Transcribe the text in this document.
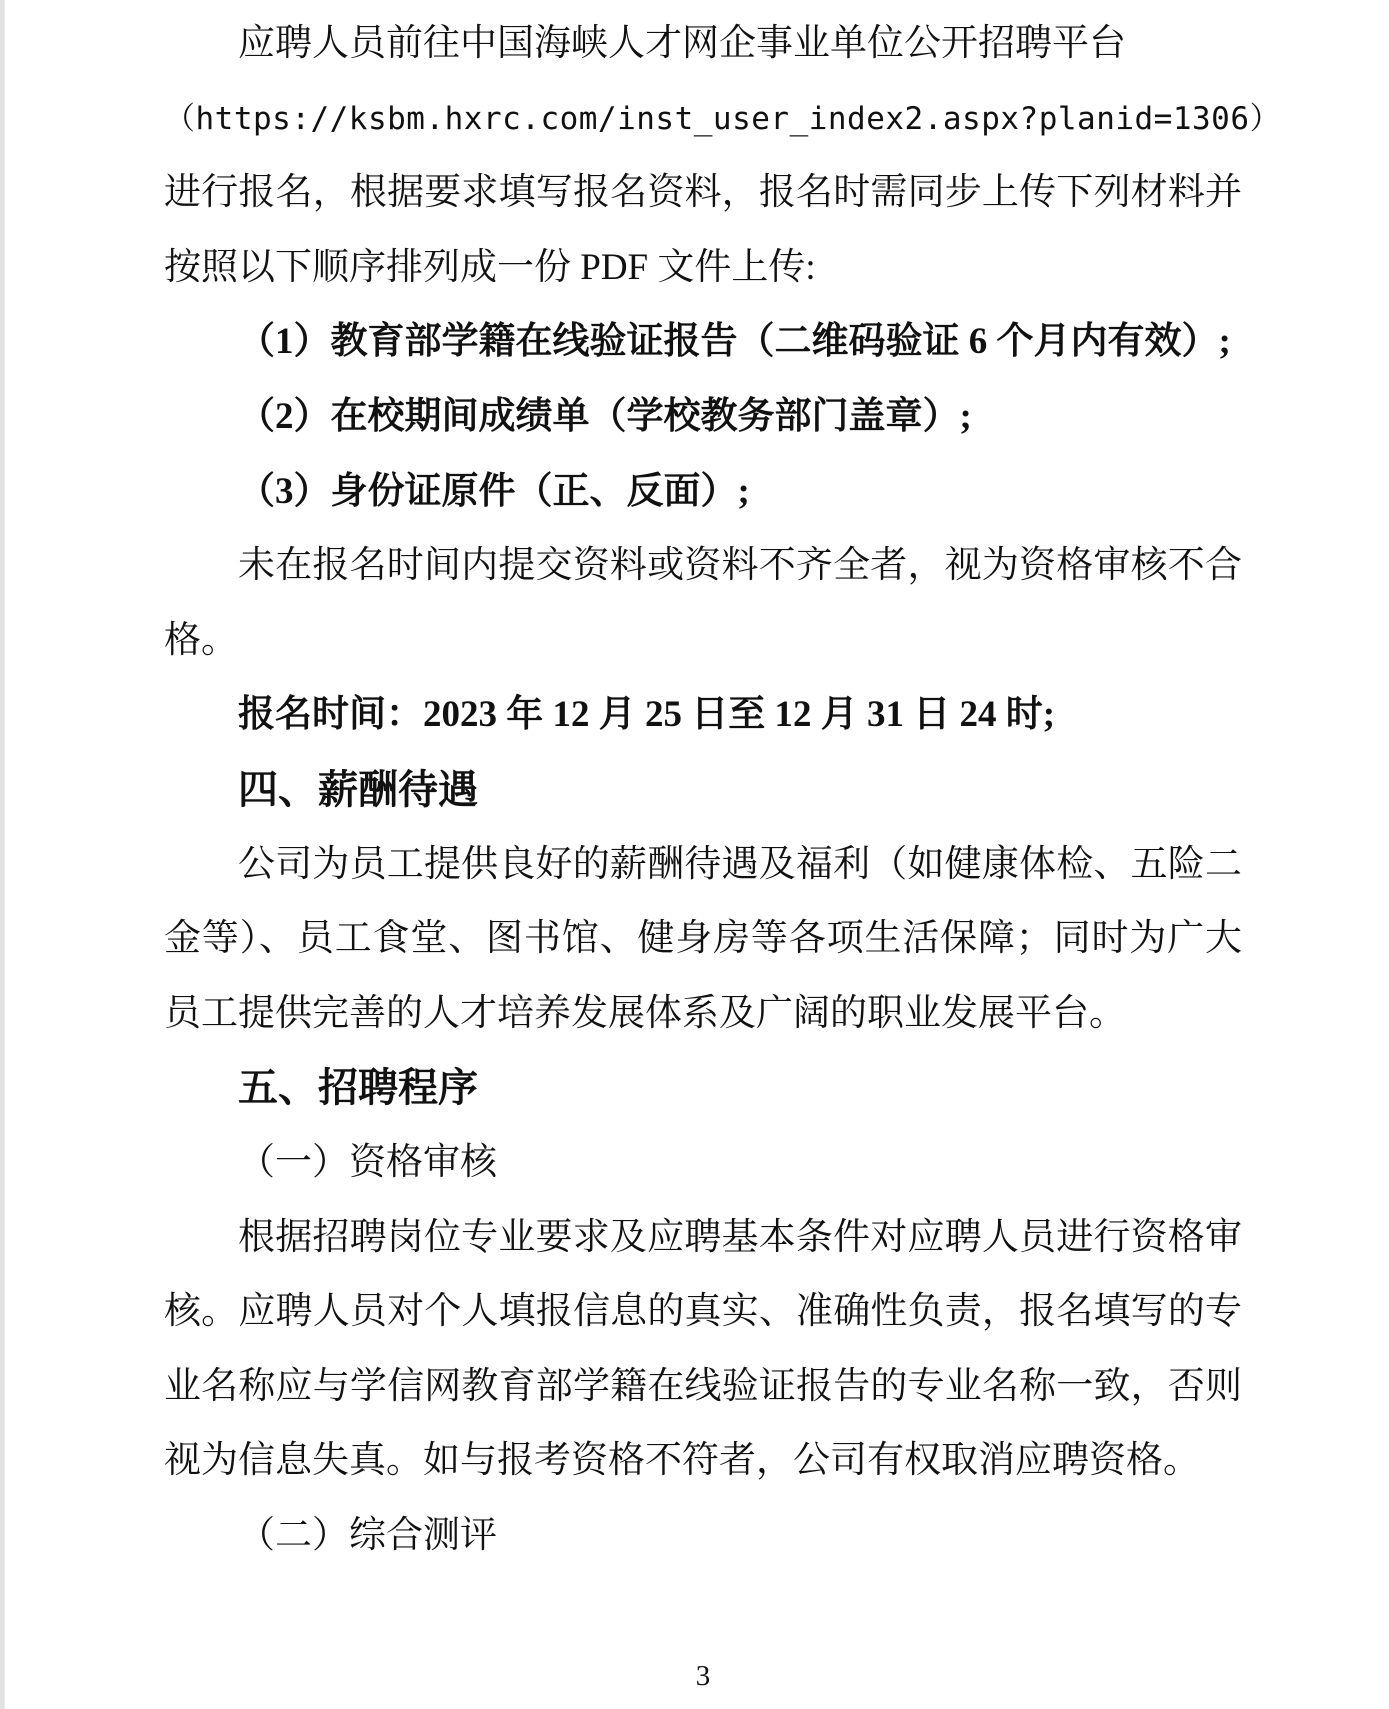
应聘人员前往中国海峡人才网企事业单位公开招聘平台
（https://ksbm.hxrc.com/inst_user_index2.aspx?planid=1306）
进行报名，根据要求填写报名资料，报名时需同步上传下列材料并
按照以下顺序排列成一份 PDF 文件上传:
（1）教育部学籍在线验证报告（二维码验证 6 个月内有效）;
（2）在校期间成绩单（学校教务部门盖章）;
（3）身份证原件（正、反面）;
未在报名时间内提交资料或资料不齐全者，视为资格审核不合
格。
报名时间：2023 年 12 月 25 日至 12 月 31 日 24 时;
四、薪酬待遇
公司为员工提供良好的薪酬待遇及福利（如健康体检、五险二
金等）、员工食堂、图书馆、健身房等各项生活保障；同时为广大
员工提供完善的人才培养发展体系及广阔的职业发展平台。
五、招聘程序
（一）资格审核
根据招聘岗位专业要求及应聘基本条件对应聘人员进行资格审
核。应聘人员对个人填报信息的真实、准确性负责，报名填写的专
业名称应与学信网教育部学籍在线验证报告的专业名称一致，否则
视为信息失真。如与报考资格不符者，公司有权取消应聘资格。
（二）综合测评
3
